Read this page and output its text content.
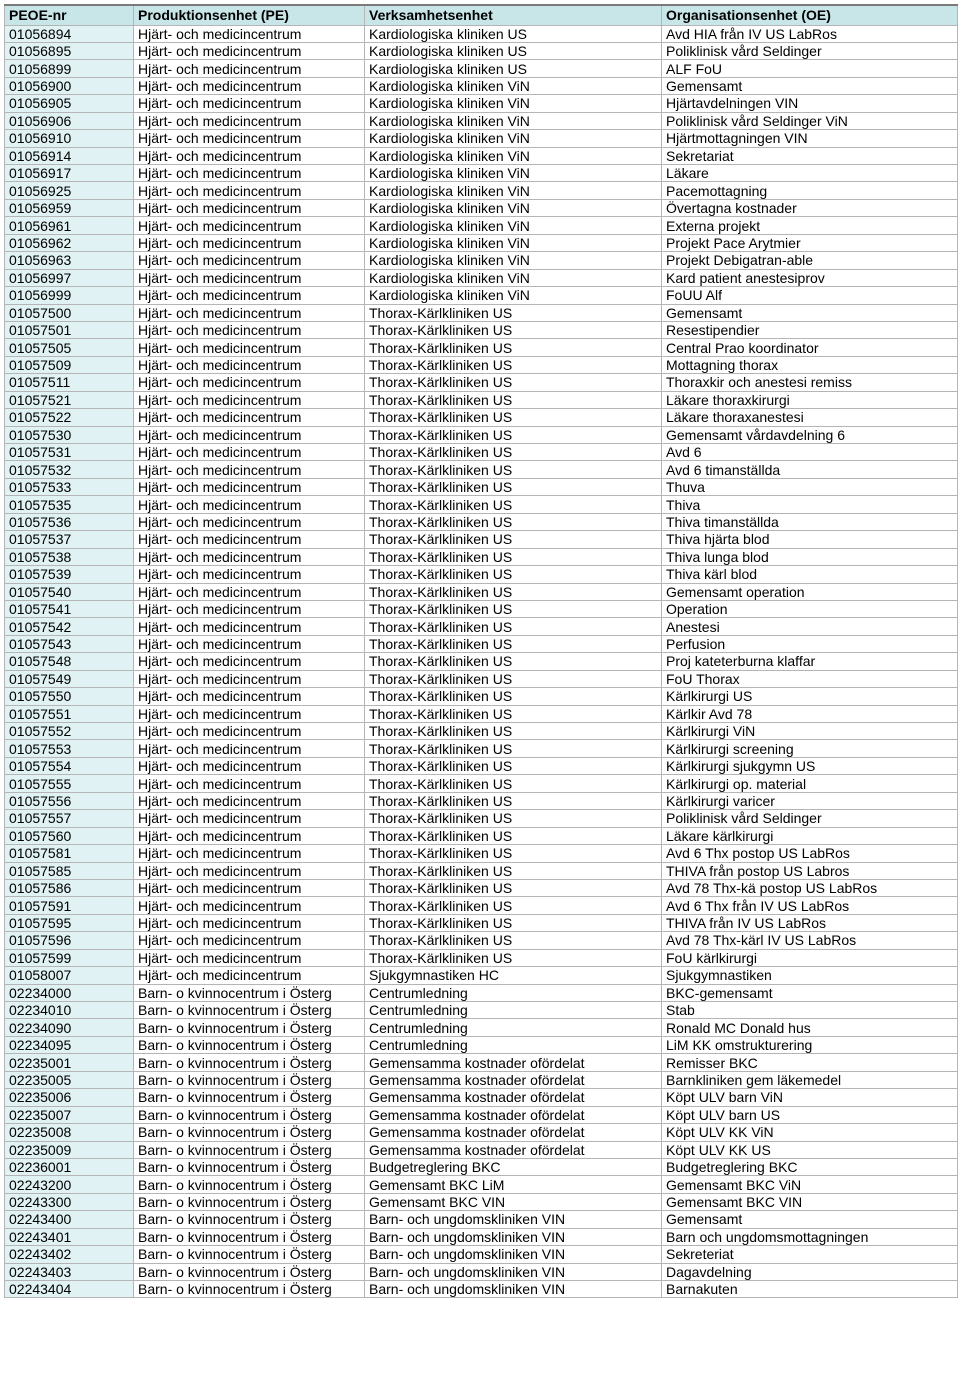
PEOE-nr	Produktionsenhet (PE)	Verksamhetsenhet	Organisationsenhet (OE)
01056894	Hjärt- och medicincentrum	Kardiologiska kliniken US	Avd HIA från IV US LabRos
01056895	Hjärt- och medicincentrum	Kardiologiska kliniken US	Poliklinisk vård Seldinger
01056899	Hjärt- och medicincentrum	Kardiologiska kliniken US	ALF FoU
01056900	Hjärt- och medicincentrum	Kardiologiska kliniken ViN	Gemensamt
01056905	Hjärt- och medicincentrum	Kardiologiska kliniken ViN	Hjärtavdelningen VIN
01056906	Hjärt- och medicincentrum	Kardiologiska kliniken ViN	Poliklinisk vård Seldinger ViN
01056910	Hjärt- och medicincentrum	Kardiologiska kliniken ViN	Hjärtmottagningen VIN
01056914	Hjärt- och medicincentrum	Kardiologiska kliniken ViN	Sekretariat
01056917	Hjärt- och medicincentrum	Kardiologiska kliniken ViN	Läkare
01056925	Hjärt- och medicincentrum	Kardiologiska kliniken ViN	Pacemottagning
01056959	Hjärt- och medicincentrum	Kardiologiska kliniken ViN	Övertagna kostnader
01056961	Hjärt- och medicincentrum	Kardiologiska kliniken ViN	Externa projekt
01056962	Hjärt- och medicincentrum	Kardiologiska kliniken ViN	Projekt Pace Arytmier
01056963	Hjärt- och medicincentrum	Kardiologiska kliniken ViN	Projekt Debigatran-able
01056997	Hjärt- och medicincentrum	Kardiologiska kliniken ViN	Kard patient anestesiprov
01056999	Hjärt- och medicincentrum	Kardiologiska kliniken ViN	FoUU Alf
01057500	Hjärt- och medicincentrum	Thorax-Kärlkliniken US	Gemensamt
01057501	Hjärt- och medicincentrum	Thorax-Kärlkliniken US	Resestipendier
01057505	Hjärt- och medicincentrum	Thorax-Kärlkliniken US	Central Prao koordinator
01057509	Hjärt- och medicincentrum	Thorax-Kärlkliniken US	Mottagning thorax
01057511	Hjärt- och medicincentrum	Thorax-Kärlkliniken US	Thoraxkir och anestesi remiss
01057521	Hjärt- och medicincentrum	Thorax-Kärlkliniken US	Läkare thoraxkirurgi
01057522	Hjärt- och medicincentrum	Thorax-Kärlkliniken US	Läkare thoraxanestesi
01057530	Hjärt- och medicincentrum	Thorax-Kärlkliniken US	Gemensamt vårdavdelning 6
01057531	Hjärt- och medicincentrum	Thorax-Kärlkliniken US	Avd 6
01057532	Hjärt- och medicincentrum	Thorax-Kärlkliniken US	Avd 6 timanställda
01057533	Hjärt- och medicincentrum	Thorax-Kärlkliniken US	Thuva
01057535	Hjärt- och medicincentrum	Thorax-Kärlkliniken US	Thiva
01057536	Hjärt- och medicincentrum	Thorax-Kärlkliniken US	Thiva timanställda
01057537	Hjärt- och medicincentrum	Thorax-Kärlkliniken US	Thiva hjärta blod
01057538	Hjärt- och medicincentrum	Thorax-Kärlkliniken US	Thiva lunga blod
01057539	Hjärt- och medicincentrum	Thorax-Kärlkliniken US	Thiva kärl blod
01057540	Hjärt- och medicincentrum	Thorax-Kärlkliniken US	Gemensamt operation
01057541	Hjärt- och medicincentrum	Thorax-Kärlkliniken US	Operation
01057542	Hjärt- och medicincentrum	Thorax-Kärlkliniken US	Anestesi
01057543	Hjärt- och medicincentrum	Thorax-Kärlkliniken US	Perfusion
01057548	Hjärt- och medicincentrum	Thorax-Kärlkliniken US	Proj kateterburna klaffar
01057549	Hjärt- och medicincentrum	Thorax-Kärlkliniken US	FoU Thorax
01057550	Hjärt- och medicincentrum	Thorax-Kärlkliniken US	Kärlkirurgi US
01057551	Hjärt- och medicincentrum	Thorax-Kärlkliniken US	Kärlkir Avd 78
01057552	Hjärt- och medicincentrum	Thorax-Kärlkliniken US	Kärlkirurgi ViN
01057553	Hjärt- och medicincentrum	Thorax-Kärlkliniken US	Kärlkirurgi screening
01057554	Hjärt- och medicincentrum	Thorax-Kärlkliniken US	Kärlkirurgi sjukgymn US
01057555	Hjärt- och medicincentrum	Thorax-Kärlkliniken US	Kärlkirurgi op. material
01057556	Hjärt- och medicincentrum	Thorax-Kärlkliniken US	Kärlkirurgi varicer
01057557	Hjärt- och medicincentrum	Thorax-Kärlkliniken US	Poliklinisk vård Seldinger
01057560	Hjärt- och medicincentrum	Thorax-Kärlkliniken US	Läkare kärlkirurgi
01057581	Hjärt- och medicincentrum	Thorax-Kärlkliniken US	Avd 6 Thx postop US LabRos
01057585	Hjärt- och medicincentrum	Thorax-Kärlkliniken US	THIVA från postop US Labros
01057586	Hjärt- och medicincentrum	Thorax-Kärlkliniken US	Avd 78 Thx-kä postop US LabRos
01057591	Hjärt- och medicincentrum	Thorax-Kärlkliniken US	Avd 6 Thx från IV US LabRos
01057595	Hjärt- och medicincentrum	Thorax-Kärlkliniken US	THIVA från IV US LabRos
01057596	Hjärt- och medicincentrum	Thorax-Kärlkliniken US	Avd 78 Thx-kärl IV US LabRos
01057599	Hjärt- och medicincentrum	Thorax-Kärlkliniken US	FoU kärlkirurgi
01058007	Hjärt- och medicincentrum	Sjukgymnastiken HC	Sjukgymnastiken
02234000	Barn- o kvinnocentrum i Österg	Centrumledning	BKC-gemensamt
02234010	Barn- o kvinnocentrum i Österg	Centrumledning	Stab
02234090	Barn- o kvinnocentrum i Österg	Centrumledning	Ronald MC Donald hus
02234095	Barn- o kvinnocentrum i Österg	Centrumledning	LiM KK omstrukturering
02235001	Barn- o kvinnocentrum i Österg	Gemensamma kostnader ofördelat	Remisser BKC
02235005	Barn- o kvinnocentrum i Österg	Gemensamma kostnader ofördelat	Barnkliniken gem läkemedel
02235006	Barn- o kvinnocentrum i Österg	Gemensamma kostnader ofördelat	Köpt ULV barn ViN
02235007	Barn- o kvinnocentrum i Österg	Gemensamma kostnader ofördelat	Köpt ULV barn US
02235008	Barn- o kvinnocentrum i Österg	Gemensamma kostnader ofördelat	Köpt ULV KK ViN
02235009	Barn- o kvinnocentrum i Österg	Gemensamma kostnader ofördelat	Köpt ULV KK US
02236001	Barn- o kvinnocentrum i Österg	Budgetreglering BKC	Budgetreglering BKC
02243200	Barn- o kvinnocentrum i Österg	Gemensamt BKC LiM	Gemensamt BKC ViN
02243300	Barn- o kvinnocentrum i Österg	Gemensamt BKC VIN	Gemensamt BKC VIN
02243400	Barn- o kvinnocentrum i Österg	Barn- och ungdomskliniken VIN	Gemensamt
02243401	Barn- o kvinnocentrum i Österg	Barn- och ungdomskliniken VIN	Barn och ungdomsmottagningen
02243402	Barn- o kvinnocentrum i Österg	Barn- och ungdomskliniken VIN	Sekreteriat
02243403	Barn- o kvinnocentrum i Österg	Barn- och ungdomskliniken VIN	Dagavdelning
02243404	Barn- o kvinnocentrum i Österg	Barn- och ungdomskliniken VIN	Barnakuten
